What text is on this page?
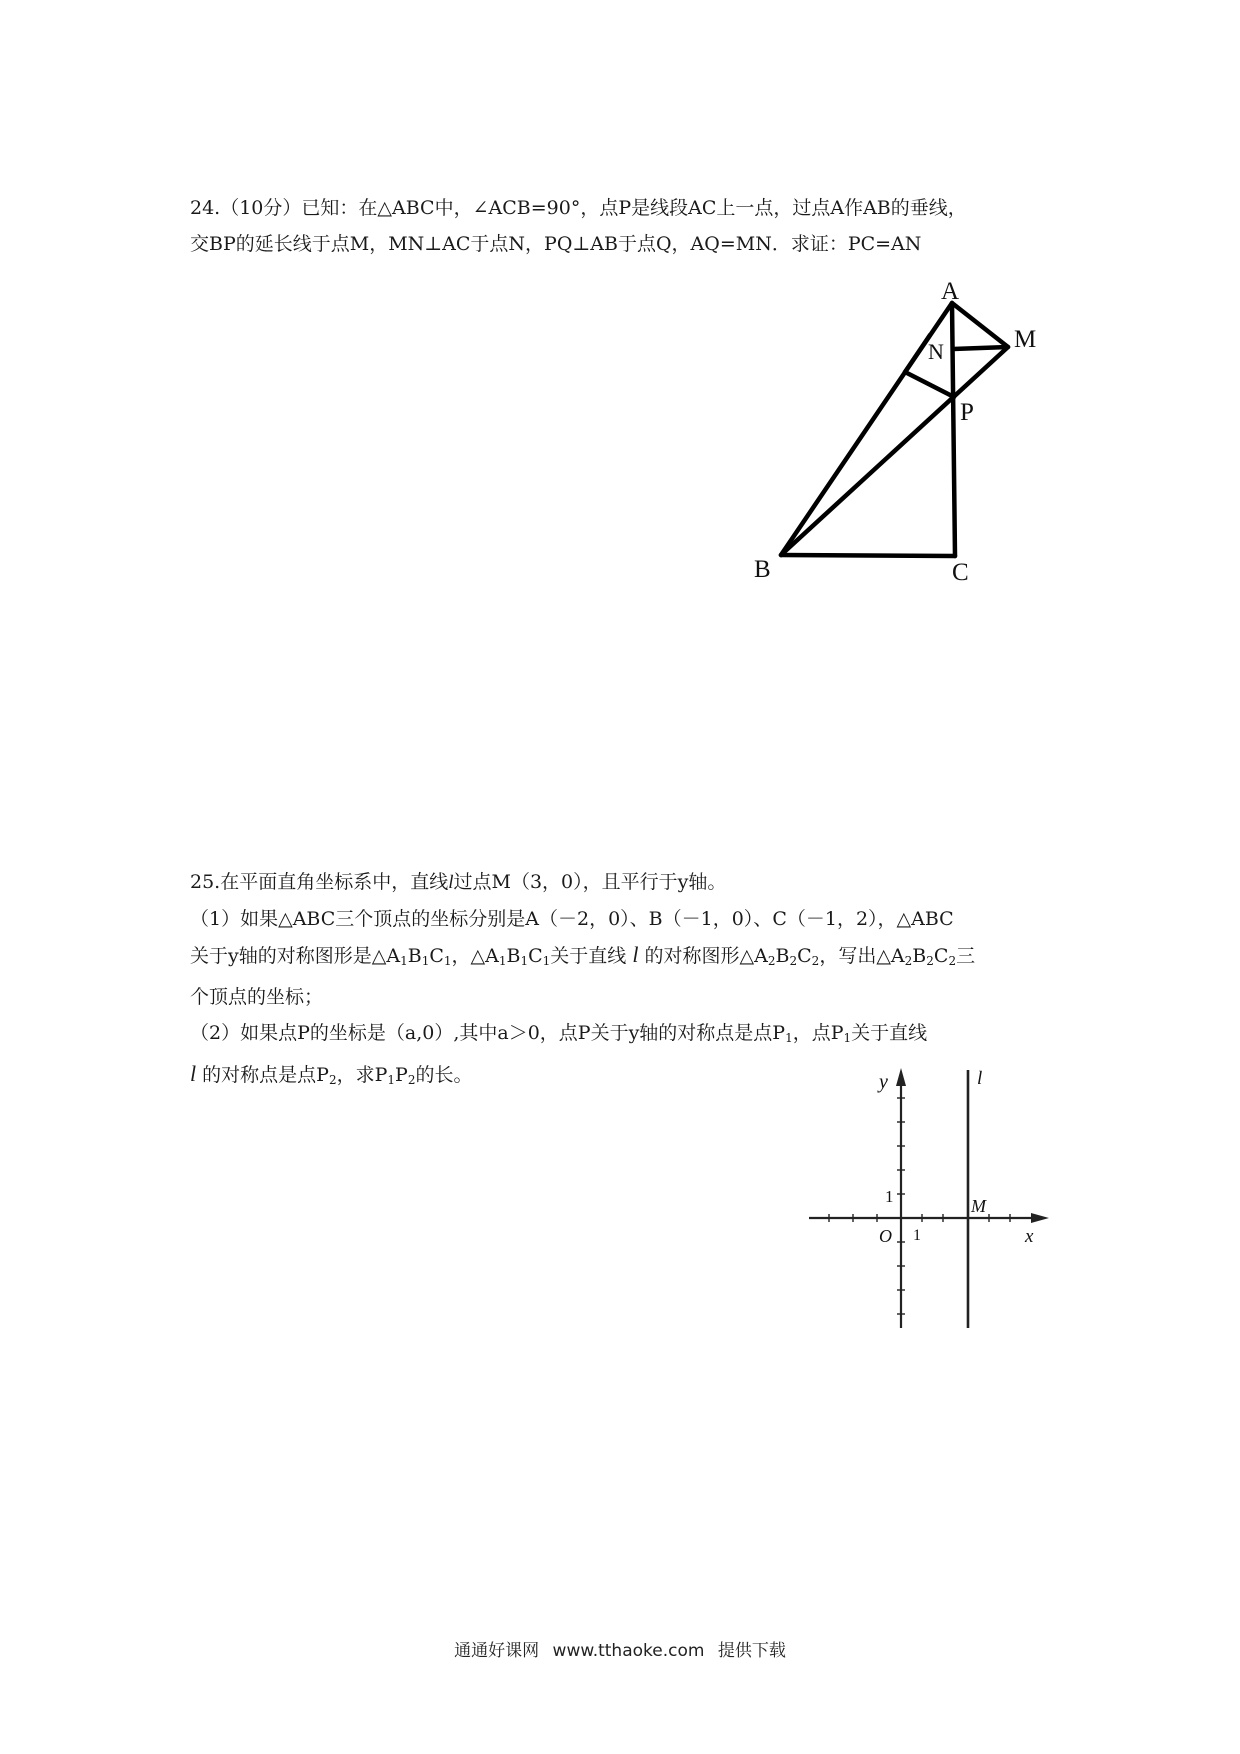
24.（10分）已知：在△ABC中，∠ACB=90°，点P是线段AC上一点，过点A作AB的垂线，

交BP的延长线于点M，MN⊥AC于点N，PQ⊥AB于点Q，AQ=MN．求证：PC=AN

A
M
N
P
B	C

25.在平面直角坐标系中，直线l过点M（3，0），且平行于y轴。

（1）如果△ABC三个顶点的坐标分别是A（－2，0）、B（－1，0）、C（－1，2），△ABC

关于y轴的对称图形是$\triangle A_1B_1C_1$，$\triangle A_1B_1C_1$关于直线 l 的对称图形$\triangle A_2B_2C_2$，写出$\triangle A_2B_2C_2$三

个顶点的坐标；

（2）如果点P的坐标是（a,0）,其中a＞0，点P关于y轴的对称点是点$P_1$，点$P_1$关于直线

l 的对称点是点$P_2$，求$P_1P_2$的长。	y	l
1	M
O 1	x
通通好课网 www.tthaoke.com 提供下载
